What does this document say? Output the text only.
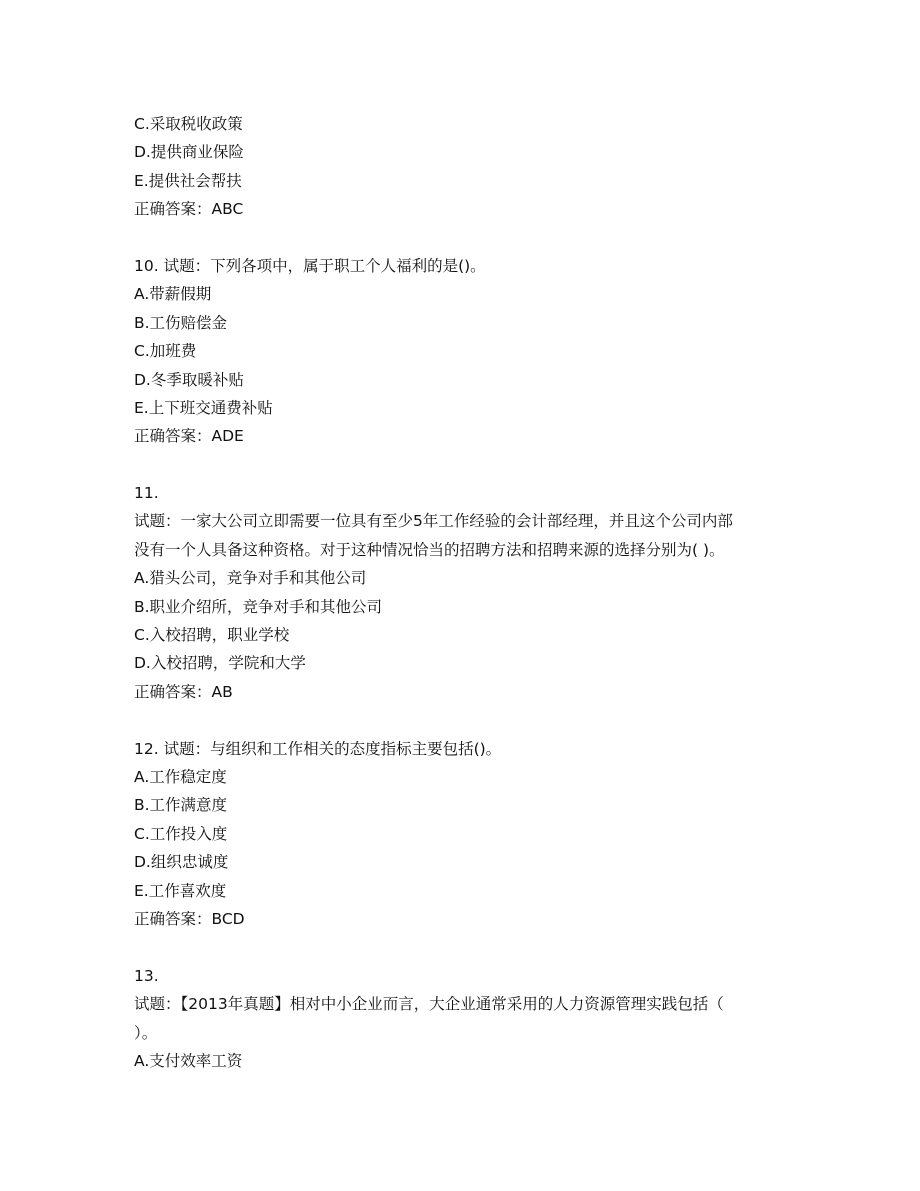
C.采取税收政策
D.提供商业保险
E.提供社会帮扶
正确答案：ABC
10. 试题：下列各项中，属于职工个人福利的是()。
A.带薪假期
B.工伤赔偿金
C.加班费
D.冬季取暖补贴
E.上下班交通费补贴
正确答案：ADE
11.
试题：一家大公司立即需要一位具有至少5年工作经验的会计部经理，并且这个公司内部
没有一个人具备这种资格。对于这种情况恰当的招聘方法和招聘来源的选择分别为( )。
A.猎头公司，竞争对手和其他公司
B.职业介绍所，竞争对手和其他公司
C.入校招聘，职业学校
D.入校招聘，学院和大学
正确答案：AB
12. 试题：与组织和工作相关的态度指标主要包括()。
A.工作稳定度
B.工作满意度
C.工作投入度
D.组织忠诚度
E.工作喜欢度
正确答案：BCD
13.
试题：【2013年真题】相对中小企业而言，大企业通常采用的人力资源管理实践包括（
）。
A.支付效率工资
